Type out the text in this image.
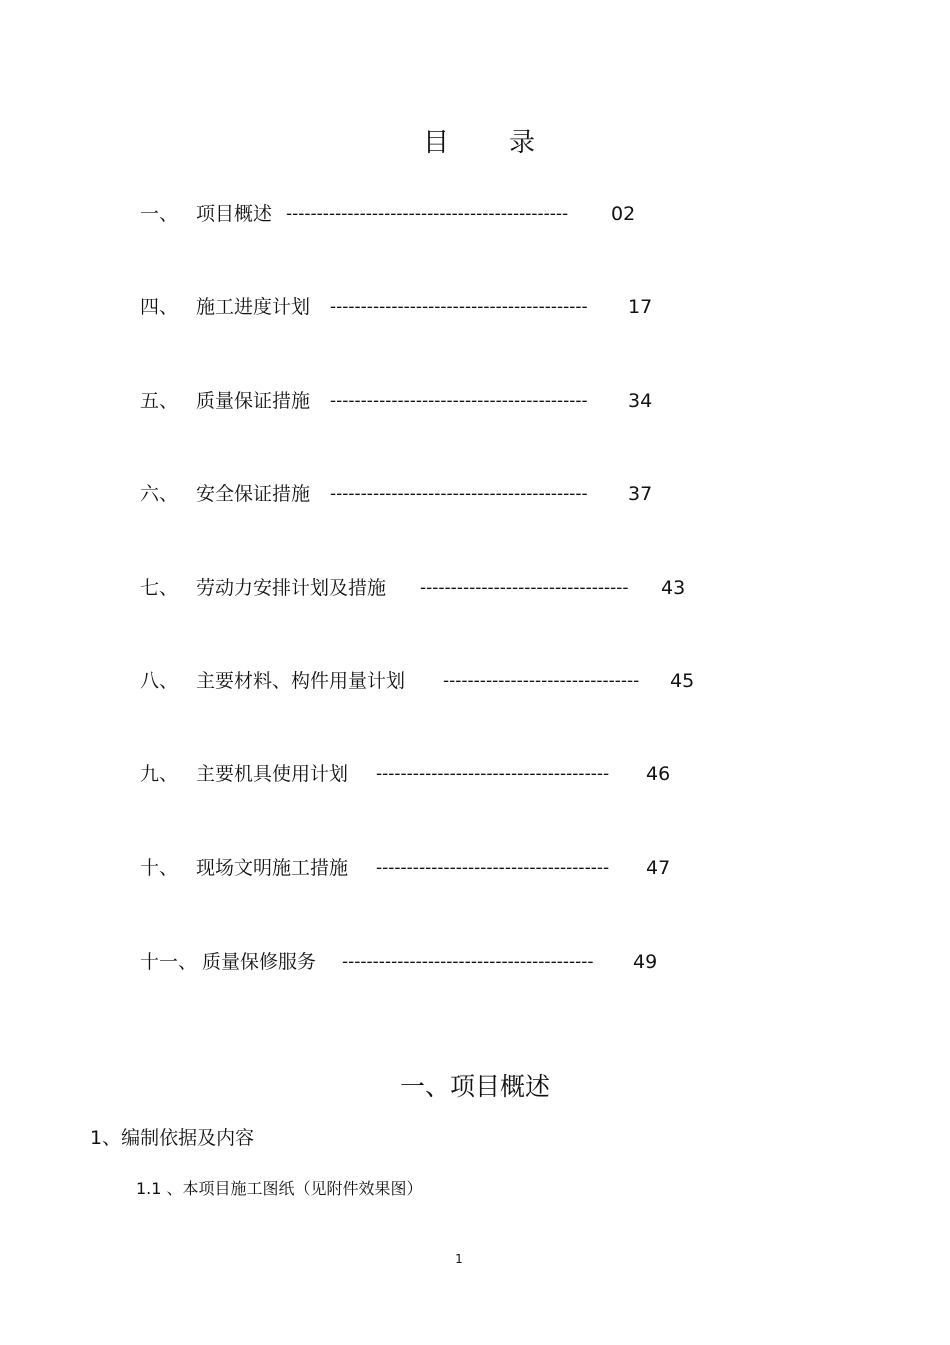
目 录
一、 项目概述 ---------------------------------------------- 02
四、 施工进度计划 ------------------------------------------ 17
五、 质量保证措施 ------------------------------------------ 34
六、 安全保证措施 ------------------------------------------ 37
七、 劳动力安排计划及措施 ---------------------------------- 43
八、 主要材料、构件用量计划 -------------------------------- 45
九、 主要机具使用计划 -------------------------------------- 46
十、 现场文明施工措施 -------------------------------------- 47
十一、 质量保修服务 ----------------------------------------- 49
一、项目概述
1、编制依据及内容
1.1 、本项目施工图纸（见附件效果图）
1
